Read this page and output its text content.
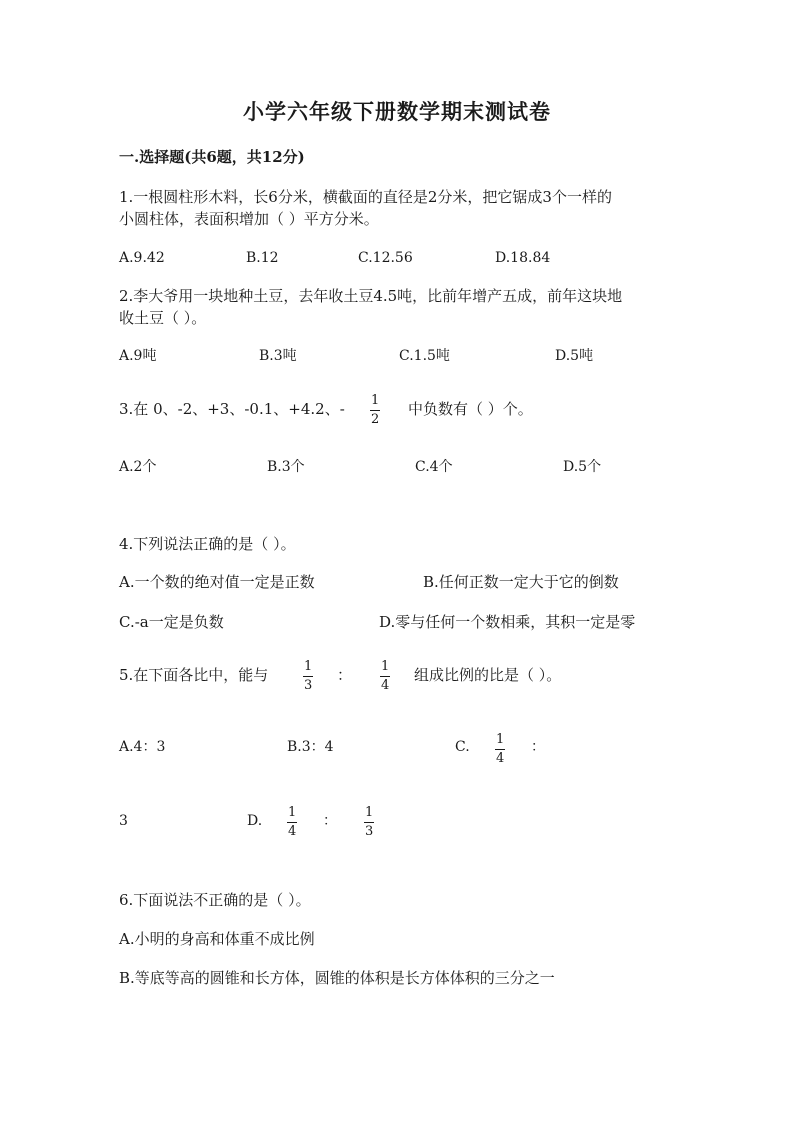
小学六年级下册数学期末测试卷
一.选择题(共6题，共12分)
1.一根圆柱形木料，长6分米，横截面的直径是2分米，把它锯成3个一样的
小圆柱体，表面积增加（ ）平方分米。
A.9.42	B.12	C.12.56	D.18.84
2.李大爷用一块地种土豆，去年收土豆4.5吨，比前年增产五成，前年这块地
收土豆（ ）。
A.9吨	B.3吨	C.1.5吨	D.5吨
3.在 0、-2、+3、-0.1、+4.2、- 1
2
中负数有（ ）个。
A.2个	B.3个	C.4个	D.5个
4.下列说法正确的是（ ）。
A.一个数的绝对值一定是正数	B.任何正数一定大于它的倒数
C.-a一定是负数	D.零与任何一个数相乘，其积一定是零
5.在下面各比中，能与	1
3
： 1
4
组成比例的比是（ ）。
A.4：3	B.3：4	C. 1
4
：
3	D.
1
4
：
1
3
6.下面说法不正确的是（ ）。
A.小明的身高和体重不成比例
B.等底等高的圆锥和长方体，圆锥的体积是长方体体积的三分之一
